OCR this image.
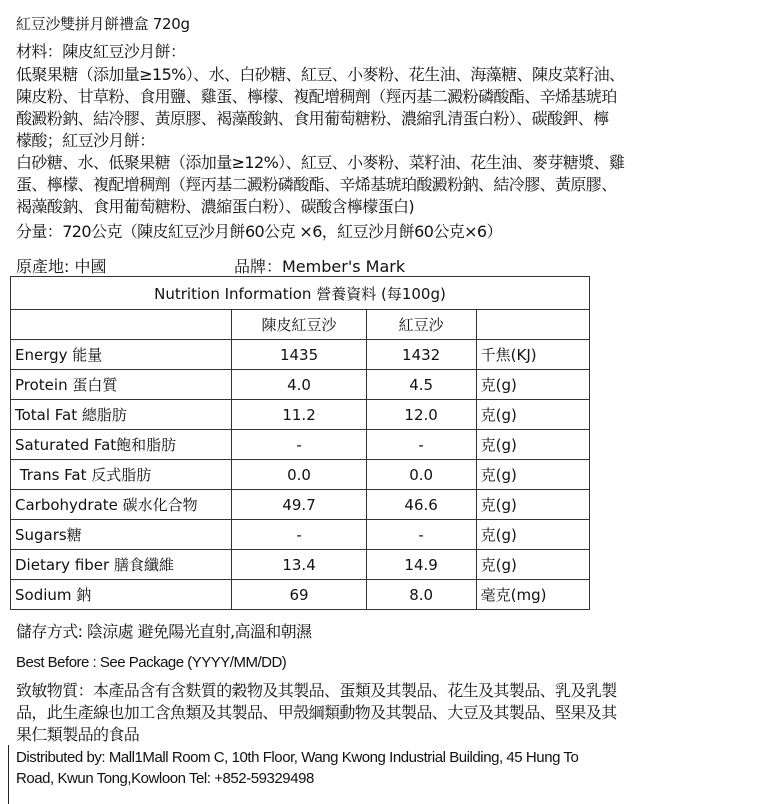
紅豆沙雙拼月餅禮盒 720g
材料：陳皮紅豆沙月餅：
低聚果糖（添加量≥15%）、水、白砂糖、紅豆、小麥粉、花生油、海藻糖、陳皮菜籽油、
陳皮粉、甘草粉、食用鹽、雞蛋、檸檬、複配增稠劑（羥丙基二澱粉磷酸酯、辛烯基琥珀
酸澱粉鈉、結冷膠、黃原膠、褐藻酸鈉、食用葡萄糖粉、濃縮乳清蛋白粉）、碳酸鉀、檸
檬酸；紅豆沙月餅：
白砂糖、水、低聚果糖（添加量≥12%）、紅豆、小麥粉、菜籽油、花生油、麥芽糖漿、雞
蛋、檸檬、複配增稠劑（羥丙基二澱粉磷酸酯、辛烯基琥珀酸澱粉鈉、結冷膠、黃原膠、
褐藻酸鈉、食用葡萄糖粉、濃縮蛋白粉）、碳酸含檸檬蛋白)
分量：720公克（陳皮紅豆沙月餅60公克 ×6，紅豆沙月餅60公克×6）
原產地: 中國	品牌：Member's Mark
Nutrition Information 營養資料 (每100g)			
	陳皮紅豆沙	紅豆沙	
Energy 能量	1435	1432	千焦(KJ)
Protein 蛋白質	4.0	4.5	克(g)
Total Fat 總脂肪	11.2	12.0	克(g)
Saturated Fat飽和脂肪	-	-	克(g)
Trans Fat 反式脂肪	0.0	0.0	克(g)
Carbohydrate 碳水化合物	49.7	46.6	克(g)
Sugars糖	-	-	克(g)
Dietary fiber 膳食纖維	13.4	14.9	克(g)
Sodium 鈉	69	8.0	毫克(mg)
儲存方式: 陰涼處 避免陽光直射,高溫和朝濕
Best Before : See Package (YYYY/MM/DD)
致敏物質：本產品含有含麩質的穀物及其製品、蛋類及其製品、花生及其製品、乳及乳製
品，此生產線也加工含魚類及其製品、甲殼綱類動物及其製品、大豆及其製品、堅果及其
果仁類製品的食品
Distributed by: Mall1Mall Room C, 10th Floor, Wang Kwong Industrial Building, 45 Hung To
Road, Kwun Tong,Kowloon Tel: +852-59329498
